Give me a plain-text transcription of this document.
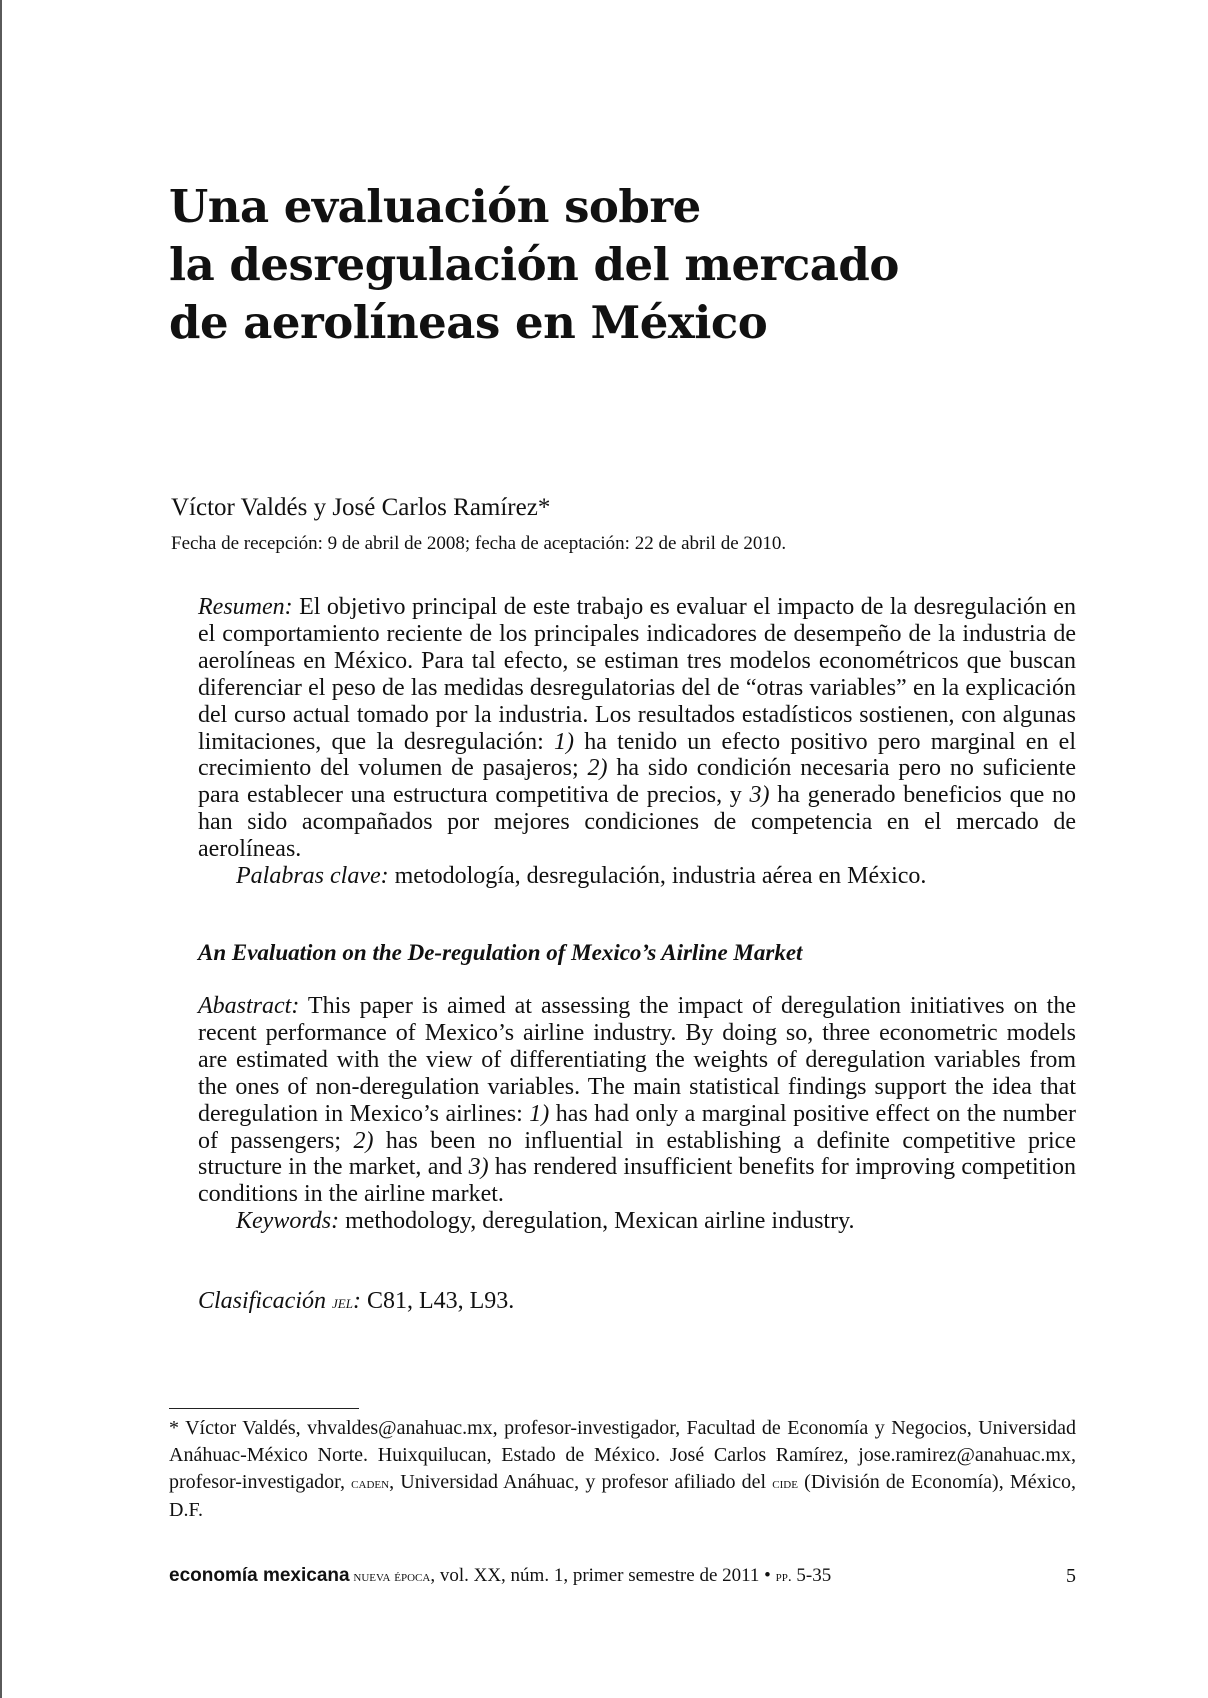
Una evaluación sobre
la desregulación del mercado
de aerolíneas en México
Víctor Valdés y José Carlos Ramírez*
Fecha de recepción: 9 de abril de 2008; fecha de aceptación: 22 de abril de 2010.
Resumen: El objetivo principal de este trabajo es evaluar el impacto de la desregulación en el comportamiento reciente de los principales indicadores de desempeño de la industria de aerolíneas en México. Para tal efecto, se estiman tres modelos econométricos que buscan diferenciar el peso de las medidas desregulatorias del de “otras variables” en la explicación del curso actual tomado por la industria. Los resultados estadísticos sostienen, con algunas limitaciones, que la desregulación: 1) ha tenido un efecto positivo pero marginal en el crecimiento del volumen de pasajeros; 2) ha sido condición necesaria pero no suficiente para establecer una estructura competitiva de precios, y 3) ha generado beneficios que no han sido acompañados por mejores condiciones de competencia en el mercado de aerolíneas.
Palabras clave: metodología, desregulación, industria aérea en México.
An Evaluation on the De-regulation of Mexico’s Airline Market
Abastract: This paper is aimed at assessing the impact of deregulation initiatives on the recent performance of Mexico’s airline industry. By doing so, three econometric models are estimated with the view of differentiating the weights of deregulation variables from the ones of non-deregulation variables. The main statistical findings support the idea that deregulation in Mexico’s airlines: 1) has had only a marginal positive effect on the number of passengers; 2) has been no influential in establishing a definite competitive price structure in the market, and 3) has rendered insufficient benefits for improving competition conditions in the airline market.
Keywords: methodology, deregulation, Mexican airline industry.
Clasificación jel: C81, L43, L93.
* Víctor Valdés, vhvaldes@anahuac.mx, profesor-investigador, Facultad de Economía y Negocios, Universidad Anáhuac-México Norte. Huixquilucan, Estado de México. José Carlos Ramírez, jose.ramirez@anahuac.mx, profesor-investigador, caden, Universidad Anáhuac, y profesor afiliado del cide (División de Economía), México, D.F.
economía mexicana nueva época, vol. XX, núm. 1, primer semestre de 2011 • pp. 5-35	5
